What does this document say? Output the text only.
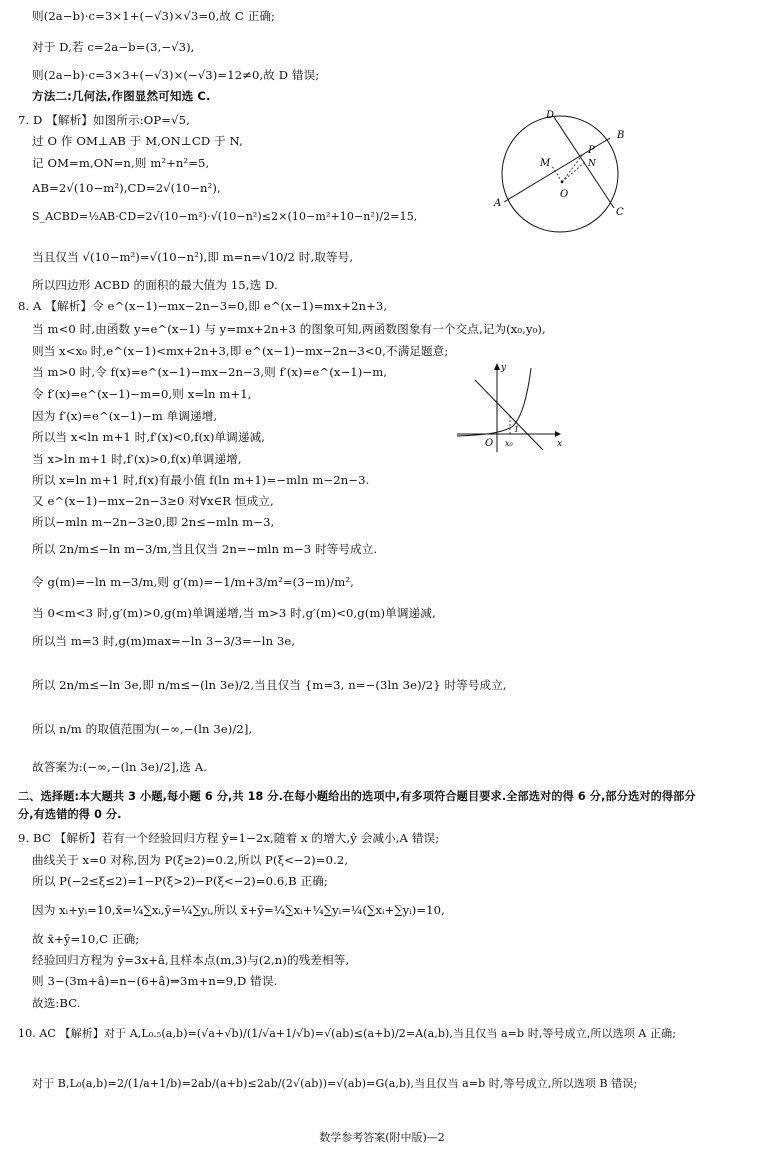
则(2a−b)·c=3×1+(−√3)×√3=0,故 C 正确;
对于 D,若 c=2a−b=(3,−√3),
则(2a−b)·c=3×3+(−√3)×(−√3)=12≠0,故 D 错误;
方法二:几何法,作图显然可知选 C.
7. D 【解析】如图所示:OP=√5,
过 O 作 OM⊥AB 于 M,ON⊥CD 于 N,
记 OM=m,ON=n,则 m²+n²=5,
AB=2√(10−m²),CD=2√(10−n²),
S_ACBD=½AB·CD=2√(10−m²)·√(10−n²)≤2×(10−m²+10−n²)/2=15,
当且仅当 √(10−m²)=√(10−n²),即 m=n=√10/2 时,取等号,
所以四边形 ACBD 的面积的最大值为 15,选 D.
8. A 【解析】令 e^(x−1)−mx−2n−3=0,即 e^(x−1)=mx+2n+3,
当 m<0 时,由函数 y=e^(x−1) 与 y=mx+2n+3 的图象可知,两函数图象有一个交点,记为(x₀,y₀),
则当 x<x₀ 时,e^(x−1)<mx+2n+3,即 e^(x−1)−mx−2n−3<0,不满足题意;
当 m>0 时,令 f(x)=e^(x−1)−mx−2n−3,则 f′(x)=e^(x−1)−m,
令 f′(x)=e^(x−1)−m=0,则 x=ln m+1,
因为 f′(x)=e^(x−1)−m 单调递增,
所以当 x<ln m+1 时,f′(x)<0,f(x)单调递减,
当 x>ln m+1 时,f′(x)>0,f(x)单调递增,
所以 x=ln m+1 时,f(x)有最小值 f(ln m+1)=−mln m−2n−3.
又 e^(x−1)−mx−2n−3≥0 对∀x∈R 恒成立,
所以−mln m−2n−3≥0,即 2n≤−mln m−3,
所以 2n/m≤−ln m−3/m,当且仅当 2n=−mln m−3 时等号成立.
令 g(m)=−ln m−3/m,则 g′(m)=−1/m+3/m²=(3−m)/m²,
当 0<m<3 时,g′(m)>0,g(m)单调递增,当 m>3 时,g′(m)<0,g(m)单调递减,
所以当 m=3 时,g(m)max=−ln 3−3/3=−ln 3e,
所以 2n/m≤−ln 3e,即 n/m≤−(ln 3e)/2,当且仅当 {m=3, n=−(3ln 3e)/2} 时等号成立,
所以 n/m 的取值范围为(−∞,−(ln 3e)/2],
故答案为:(−∞,−(ln 3e)/2],选 A.
二、选择题:本大题共 3 小题,每小题 6 分,共 18 分.在每小题给出的选项中,有多项符合题目要求.全部选对的得 6 分,部分选对的得部分
分,有选错的得 0 分.
9. BC 【解析】若有一个经验回归方程 ŷ=1−2x,随着 x 的增大,ŷ 会减小,A 错误;
曲线关于 x=0 对称,因为 P(ξ≥2)=0.2,所以 P(ξ<−2)=0.2,
所以 P(−2≤ξ≤2)=1−P(ξ>2)−P(ξ<−2)=0.6,B 正确;
因为 xᵢ+yᵢ=10,x̄=¼∑xᵢ,ȳ=¼∑yᵢ,所以 x̄+ȳ=¼∑xᵢ+¼∑yᵢ=¼(∑xᵢ+∑yᵢ)=10,
故 x̄+ȳ=10,C 正确;
经验回归方程为 ŷ=3x+â,且样本点(m,3)与(2,n)的残差相等,
则 3−(3m+â)=n−(6+â)⇒3m+n=9,D 错误.
故选:BC.
10. AC 【解析】对于 A,L₀.₅(a,b)=(√a+√b)/(1/√a+1/√b)=√(ab)≤(a+b)/2=A(a,b),当且仅当 a=b 时,等号成立,所以选项 A 正确;
对于 B,L₀(a,b)=2/(1/a+1/b)=2ab/(a+b)≤2ab/(2√(ab))=√(ab)=G(a,b),当且仅当 a=b 时,等号成立,所以选项 B 错误;
数学参考答案(附中版)—2
D
B
P
M	N
O
A
C
y
O x₀	x
1
